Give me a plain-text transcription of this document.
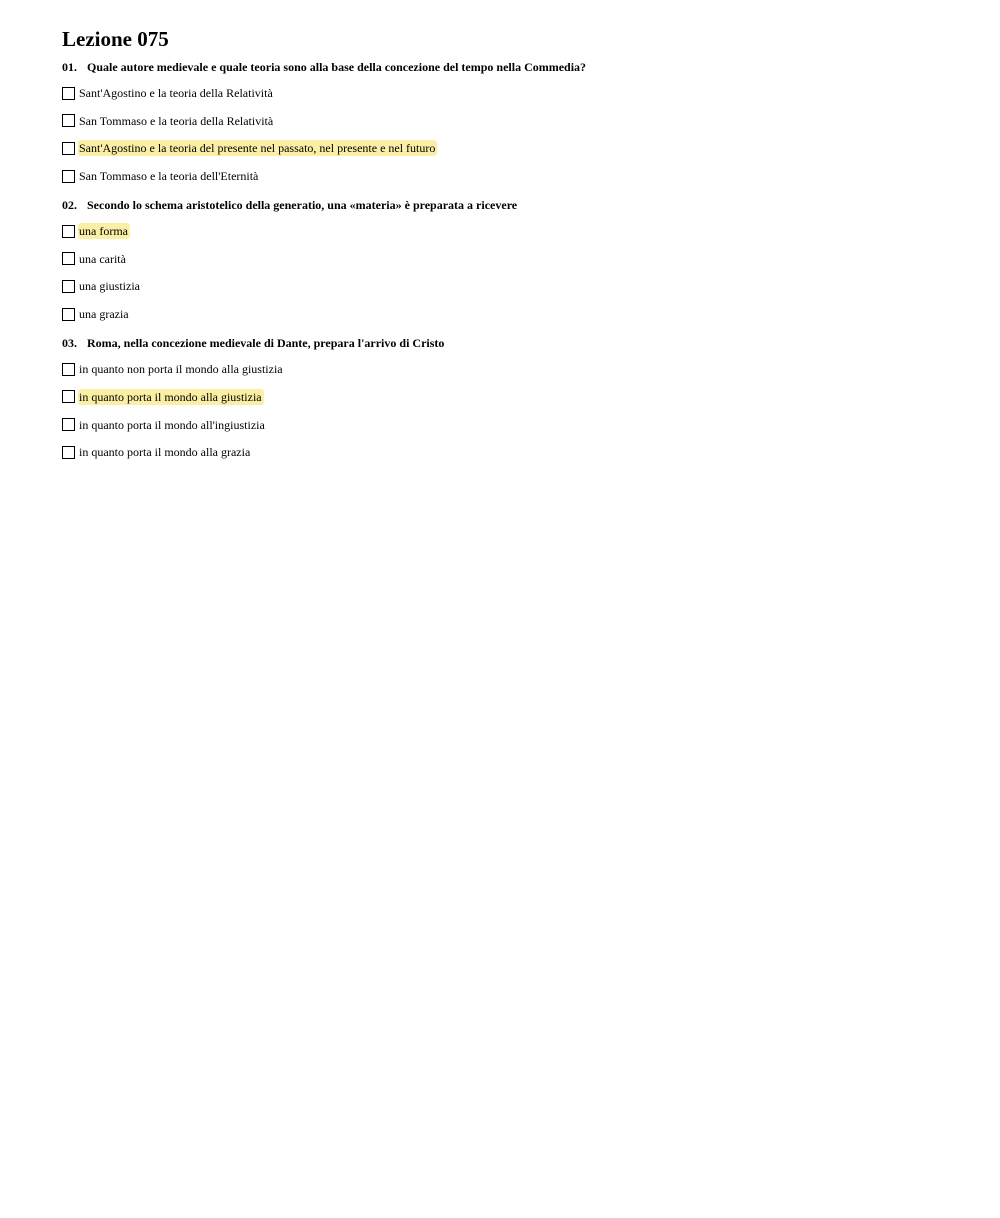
Lezione 075
01. Quale autore medievale e quale teoria sono alla base della concezione del tempo nella Commedia?
Sant'Agostino e la teoria della Relatività
San Tommaso e la teoria della Relatività
Sant'Agostino e la teoria del presente nel passato, nel presente e nel futuro
San Tommaso e la teoria dell'Eternità
02. Secondo lo schema aristotelico della generatio, una «materia» è preparata a ricevere
una forma
una carità
una giustizia
una grazia
03. Roma, nella concezione medievale di Dante, prepara l'arrivo di Cristo
in quanto non porta il mondo alla giustizia
in quanto porta il mondo alla giustizia
in quanto porta il mondo all'ingiustizia
in quanto porta il mondo alla grazia
